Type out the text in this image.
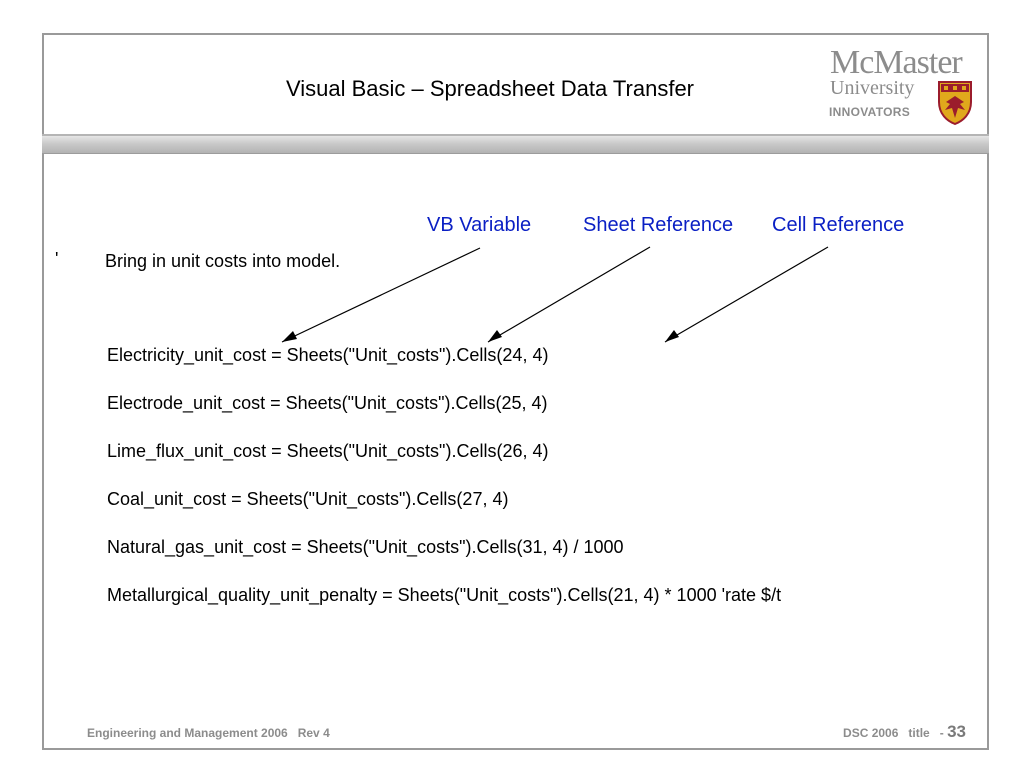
Visual Basic – Spreadsheet Data Transfer
McMaster
University
INNOVATORS
VB Variable	Sheet Reference Cell Reference
'	Bring in unit costs into model.
Electricity_unit_cost = Sheets("Unit_costs").Cells(24, 4)
Electrode_unit_cost = Sheets("Unit_costs").Cells(25, 4)
Lime_flux_unit_cost = Sheets("Unit_costs").Cells(26, 4)
Coal_unit_cost = Sheets("Unit_costs").Cells(27, 4)
Natural_gas_unit_cost = Sheets("Unit_costs").Cells(31, 4) / 1000
Metallurgical_quality_unit_penalty = Sheets("Unit_costs").Cells(21, 4) * 1000 'rate $/t
Engineering and Management 2006   Rev 4	DSC 2006   title   - 33
